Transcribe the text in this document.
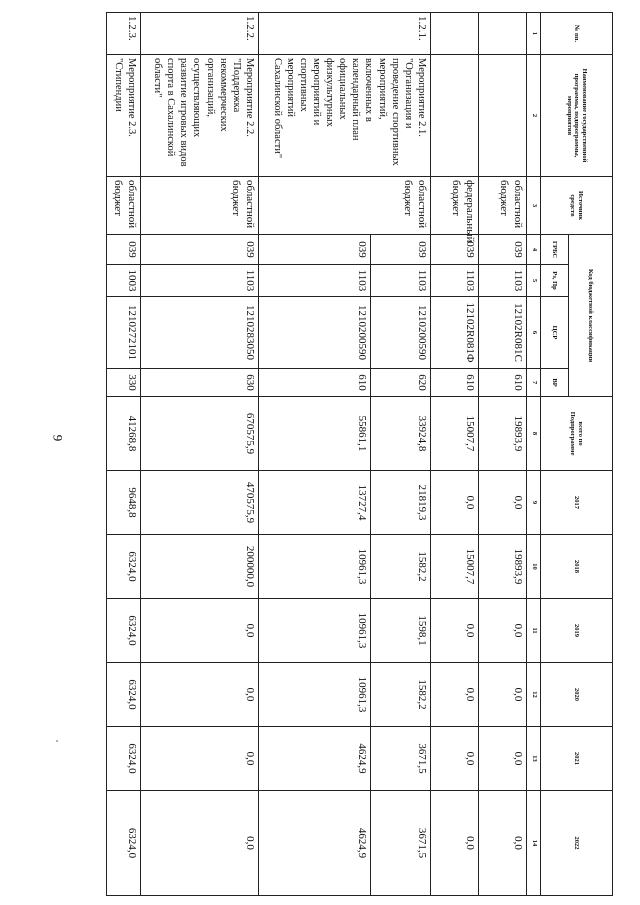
9
№ пп.	Наименование государственной программы, подпрограммы, мероприятия	Источник средств	Код бюджетной классификации				всего по Подпрограмме	2017	2018	2019	2020	2021	2022
			ГРБС	Рз, Пр	ЦСР	ВР							
1	2	3	4	5	6	7	8	9	10	11	12	13	14
		областной бюджет	039	1103	12102R081С	610	19893,9	0,0	19893,9	0,0	0,0	0,0	0,0
		федеральный бюджет	039	1103	12102R081Ф	610	15007,7	0,0	15007,7	0,0	0,0	0,0	0,0
1.2.1.	Мероприятие 2.1. "Организация и проведение спортивных мероприятий, включенных в календарный план официальных физкультурных мероприятий и спортивных мероприятий Сахалинской области"	областной бюджет	039	1103	1210200590	620	33924,8	21819,3	1582,2	1598,1	1582,2	3671,5	3671,5
			039	1103	1210200590	610	55861,1	13727,4	10961,3	10961,3	10961,3	4624,9	4624,9
1.2.2.	Мероприятие 2.2. "Поддержка некоммерческих организаций, осуществляющих развитие игровых видов спорта в Сахалинской области"	областной бюджет	039	1103	1210283050	630	670575,9	470575,9	200000,0	0,0	0,0	0,0	0,0
1.2.3.	Мероприятие 2.3. "Стипендии	областной бюджет	039	1003	1210272101	330	41268,8	9648,8	6324,0	6324,0	6324,0	6324,0	6324,0
